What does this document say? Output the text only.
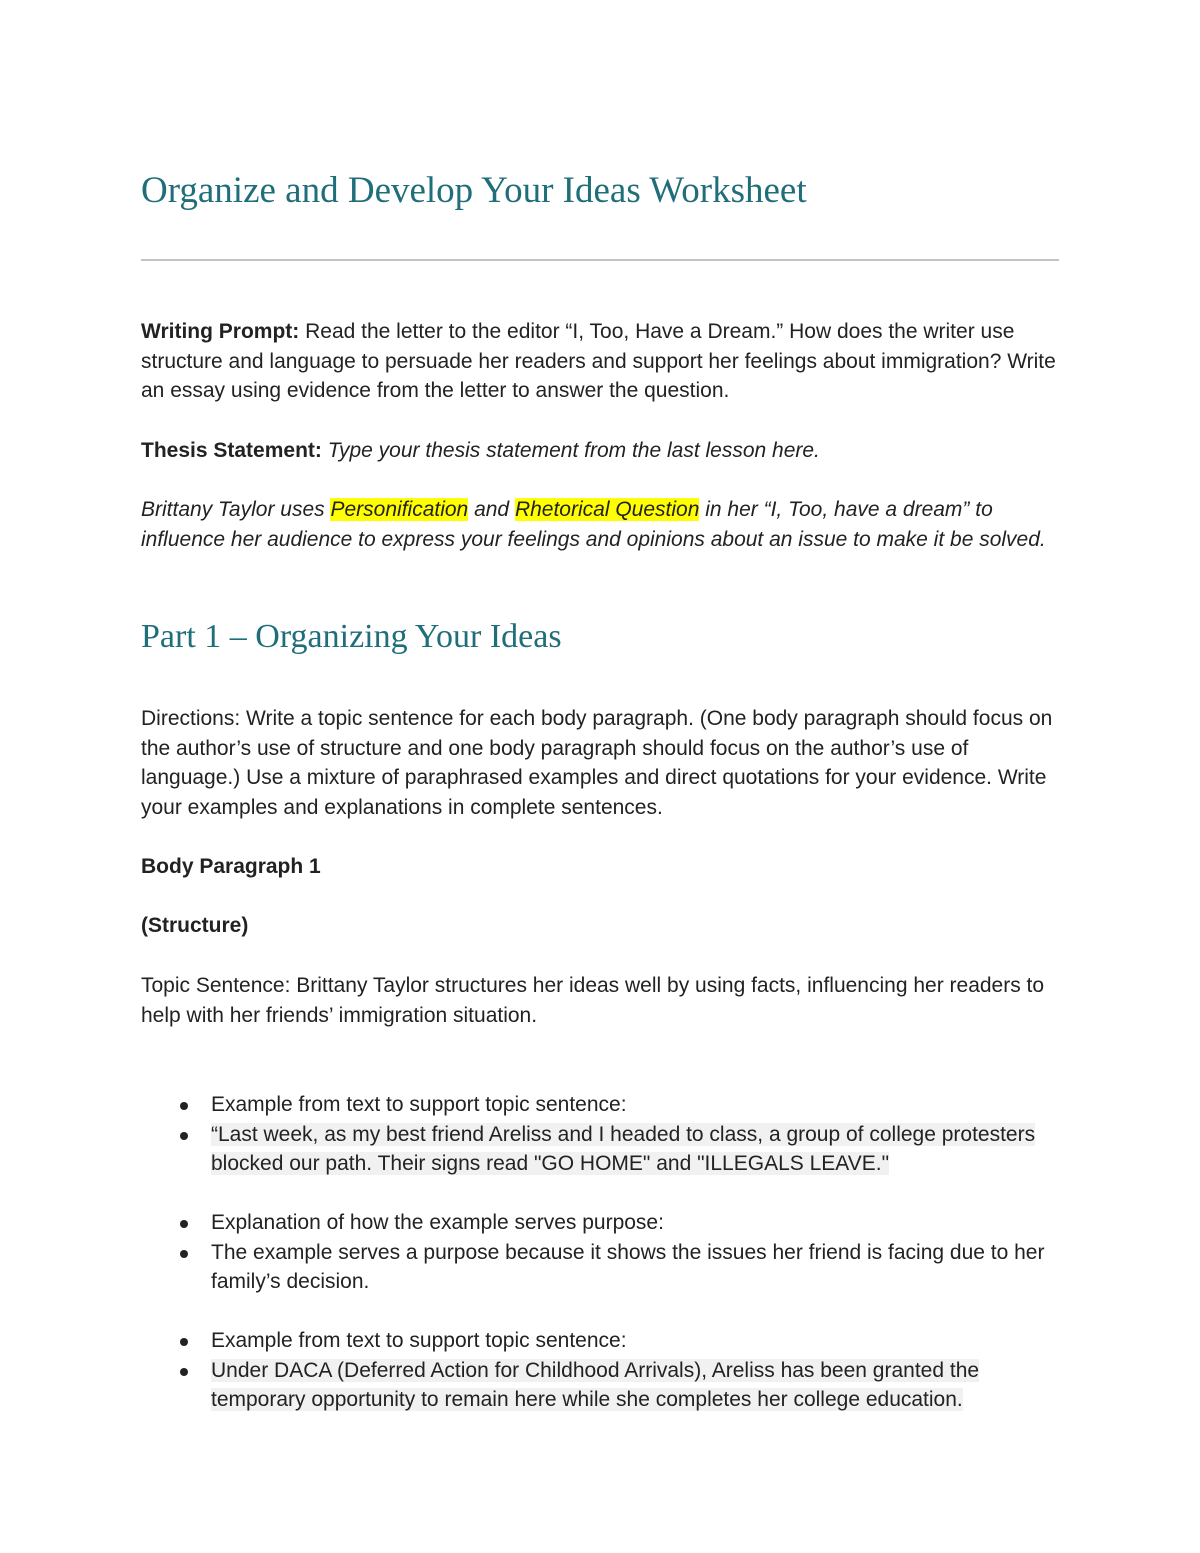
Organize and Develop Your Ideas Worksheet

Writing Prompt: Read the letter to the editor “I, Too, Have a Dream.” How does the writer use structure and language to persuade her readers and support her feelings about immigration? Write an essay using evidence from the letter to answer the question.

Thesis Statement: Type your thesis statement from the last lesson here.

Brittany Taylor uses Personification and Rhetorical Question in her “I, Too, have a dream” to influence her audience to express your feelings and opinions about an issue to make it be solved.

Part 1 – Organizing Your Ideas

Directions: Write a topic sentence for each body paragraph. (One body paragraph should focus on the author’s use of structure and one body paragraph should focus on the author’s use of language.) Use a mixture of paraphrased examples and direct quotations for your evidence. Write your examples and explanations in complete sentences.

Body Paragraph 1

(Structure)

Topic Sentence: Brittany Taylor structures her ideas well by using facts, influencing her readers to help with her friends’ immigration situation.

Example from text to support topic sentence:
“Last week, as my best friend Areliss and I headed to class, a group of college protesters blocked our path. Their signs read "GO HOME" and "ILLEGALS LEAVE."
Explanation of how the example serves purpose:
The example serves a purpose because it shows the issues her friend is facing due to her family’s decision.
Example from text to support topic sentence:
Under DACA (Deferred Action for Childhood Arrivals), Areliss has been granted the temporary opportunity to remain here while she completes her college education.
